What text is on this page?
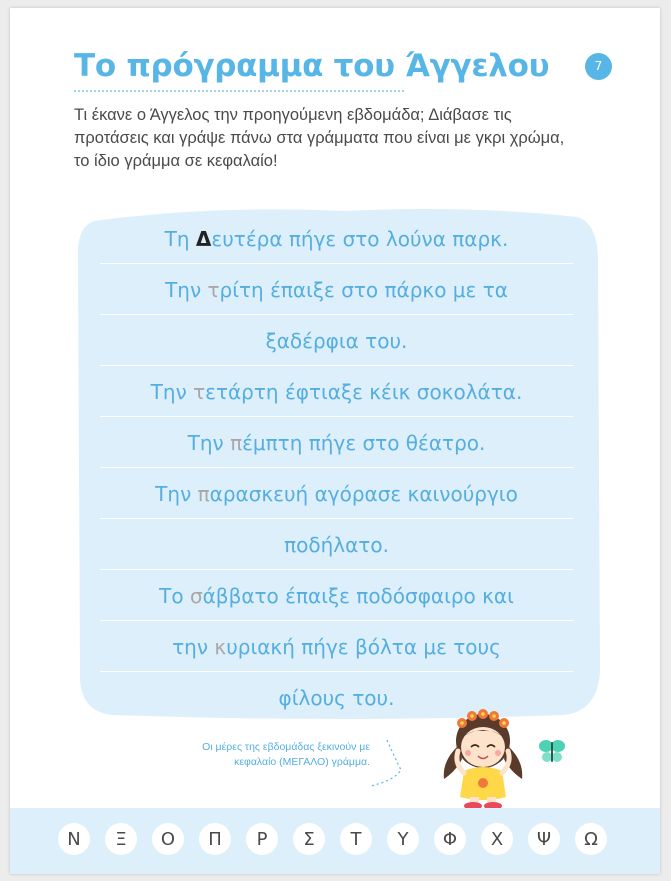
Το πρόγραμμα του Άγγελου	7

Τι έκανε ο Άγγελος την προηγούμενη εβδομάδα; Διάβασε τις προτάσεις και γράψε πάνω στα γράμματα που είναι με γκρι χρώμα, το ίδιο γράμμα σε κεφαλαίο!

Τη Δευτέρα πήγε στο λούνα παρκ.
Την τρίτη έπαιξε στο πάρκο με τα
ξαδέρφια του.
Την τετάρτη έφτιαξε κέικ σοκολάτα.
Την πέμπτη πήγε στο θέατρο.
Την παρασκευή αγόρασε καινούργιο
ποδήλατο.
Το σάββατο έπαιξε ποδόσφαιρο και
την κυριακή πήγε βόλτα με τους
φίλους του.

Οι μέρες της εβδομάδας ξεκινούν με κεφαλαίο (ΜΕΓΑΛΟ) γράμμα.

Ν	Ξ	Ο	Π	Ρ	Σ	Τ	Υ	Φ	Χ	Ψ	Ω
